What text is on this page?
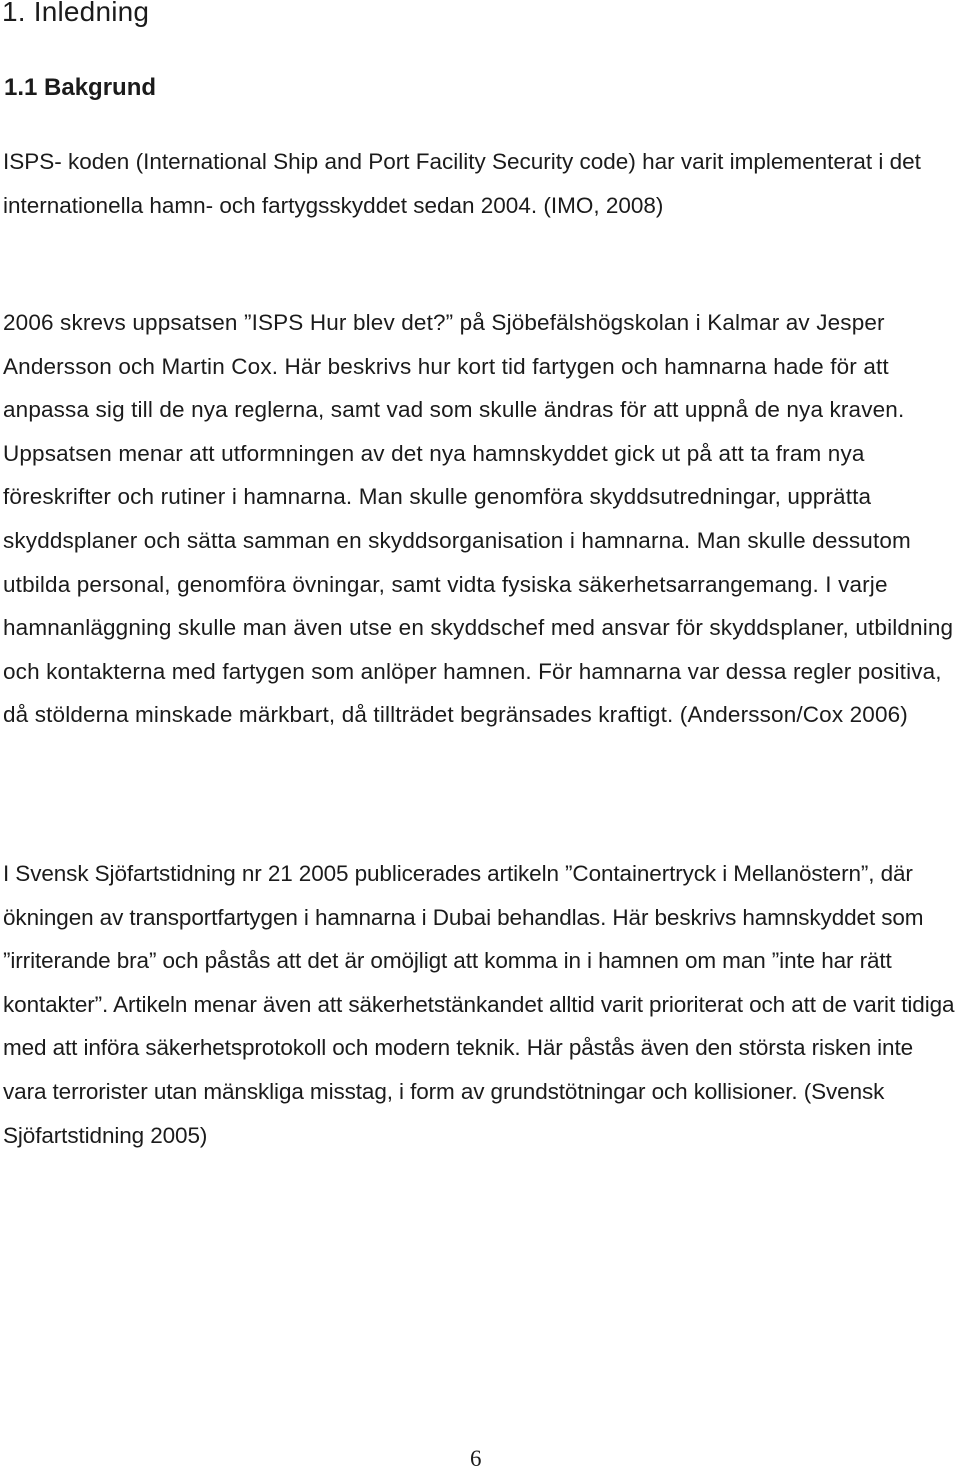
1. Inledning
1.1 Bakgrund

ISPS- koden (International Ship and Port Facility Security code) har varit implementerat i det internationella hamn- och fartygsskyddet sedan 2004. (IMO, 2008)

2006 skrevs uppsatsen ”ISPS Hur blev det?” på Sjöbefälshögskolan i Kalmar av Jesper Andersson och Martin Cox. Här beskrivs hur kort tid fartygen och hamnarna hade för att anpassa sig till de nya reglerna, samt vad som skulle ändras för att uppnå de nya kraven. Uppsatsen menar att utformningen av det nya hamnskyddet gick ut på att ta fram nya föreskrifter och rutiner i hamnarna. Man skulle genomföra skyddsutredningar, upprätta skyddsplaner och sätta samman en skyddsorganisation i hamnarna. Man skulle dessutom utbilda personal, genomföra övningar, samt vidta fysiska säkerhetsarrangemang. I varje hamnanläggning skulle man även utse en skyddschef med ansvar för skyddsplaner, utbildning och kontakterna med fartygen som anlöper hamnen. För hamnarna var dessa regler positiva, då stölderna minskade märkbart, då tillträdet begränsades kraftigt. (Andersson/Cox 2006)

I Svensk Sjöfartstidning nr 21 2005 publicerades artikeln ”Containertryck i Mellanöstern”, där ökningen av transportfartygen i hamnarna i Dubai behandlas. Här beskrivs hamnskyddet som ”irriterande bra” och påstås att det är omöjligt att komma in i hamnen om man ”inte har rätt kontakter”. Artikeln menar även att säkerhetstänkandet alltid varit prioriterat och att de varit tidiga med att införa säkerhetsprotokoll och modern teknik. Här påstås även den största risken inte vara terrorister utan mänskliga misstag, i form av grundstötningar och kollisioner. (Svensk Sjöfartstidning 2005)

6
